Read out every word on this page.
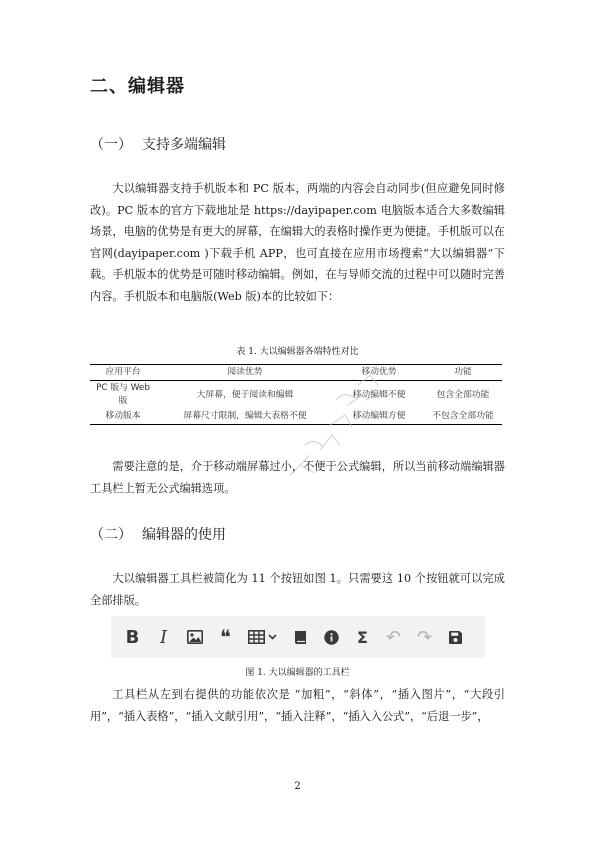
二、编辑器
（一） 支持多端编辑

大以编辑器支持手机版本和 PC 版本，两端的内容会自动同步(但应避免同时修改)。PC 版本的官方下载地址是 https://dayipaper.com 电脑版本适合大多数编辑场景，电脑的优势是有更大的屏幕，在编辑大的表格时操作更为便捷。手机版可以在官网(dayipaper.com )下载手机 APP，也可直接在应用市场搜索“大以编辑器”下载。手机版本的优势是可随时移动编辑。例如，在与导师交流的过程中可以随时完善内容。手机版本和电脑版(Web 版)本的比较如下：

表 1. 大以编辑器各端特性对比
应用平台	阅读优势	移动优势	功能
PC 版与 Web 版	大屏幕，便于阅读和编辑	移动编辑不便	包含全部功能
移动版本	屏幕尺寸限制，编辑大表格不便	移动编辑方便	不包含全部功能

需要注意的是，介于移动端屏幕过小，不便于公式编辑，所以当前移动端编辑器工具栏上暂无公式编辑选项。

（二） 编辑器的使用

大以编辑器工具栏被简化为 11 个按钮如图 1。只需要这 10 个按钮就可以完成全部排版。

B I	❝	Σ ↶ ↷
图 1. 大以编辑器的工具栏

工具栏从左到右提供的功能依次是 “加粗”，“斜体”，“插入图片”，“大段引用”，“插入表格”，“插入文献引用”，“插入注释”，“插入入公式”，“后退一步”，

2
